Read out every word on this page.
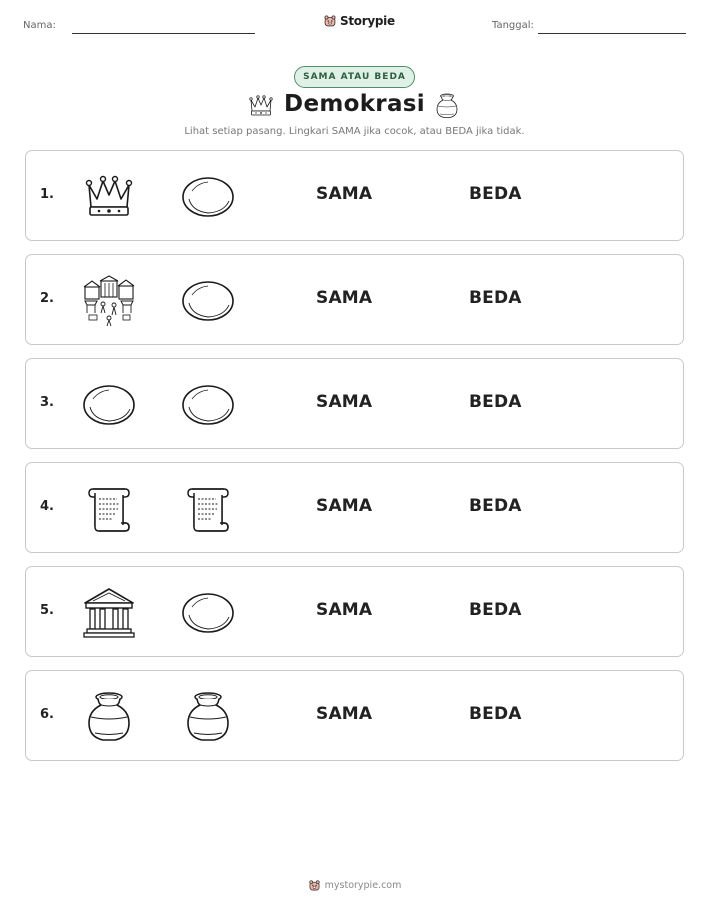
Nama:	Storypie	Tanggal:
SAMA ATAU BEDA
Demokrasi
Lihat setiap pasang. Lingkari SAMA jika cocok, atau BEDA jika tidak.
1.	SAMA	BEDA
2.	SAMA	BEDA
3.	SAMA	BEDA
4.	SAMA	BEDA
5.	SAMA	BEDA
6.	SAMA	BEDA
mystorypie.com
